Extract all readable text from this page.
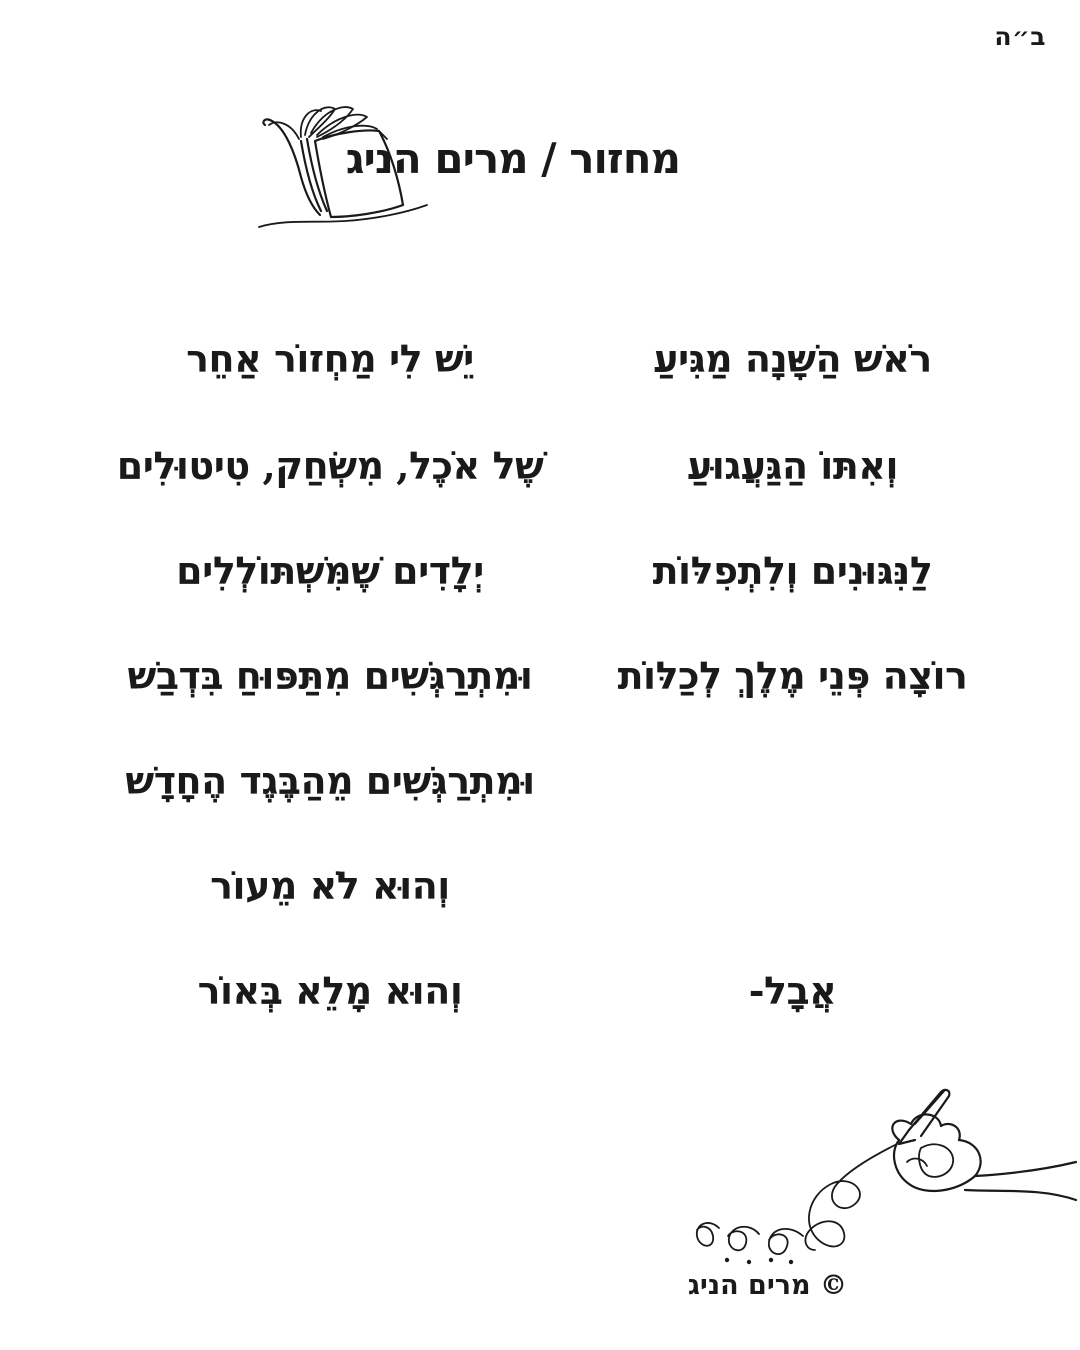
ב״ה
מחזור / מרים הניג
רֹאשׁ הַשָּׁנָה מַגִּיעַ
יֵשׁ לִי מַחְזוֹר אַחֵר
וְאִתּוֹ הַגַּעֲגוּעַ
שֶׁל אֹכֶל, מִשְׂחַק, טִיטוּלִים
לַנִּגּוּנִים וְלִתְפִלּוֹת
יְלָדִים שֶׁמִּשְׁתּוֹלְלִים
רוֹצָה פְּנֵי מֶלֶךְ לְכַלּוֹת
וּמִתְרַגְּשִׁים מִתַּפּוּחַ בִּדְבַשׁ
וּמִתְרַגְּשִׁים מֵהַבֶּגֶד הֶחָדָשׁ
וְהוּא לֹא מֵעוֹר
אֲבָל-
וְהוּא מָלֵא בְּאוֹר
© מרים הניג
